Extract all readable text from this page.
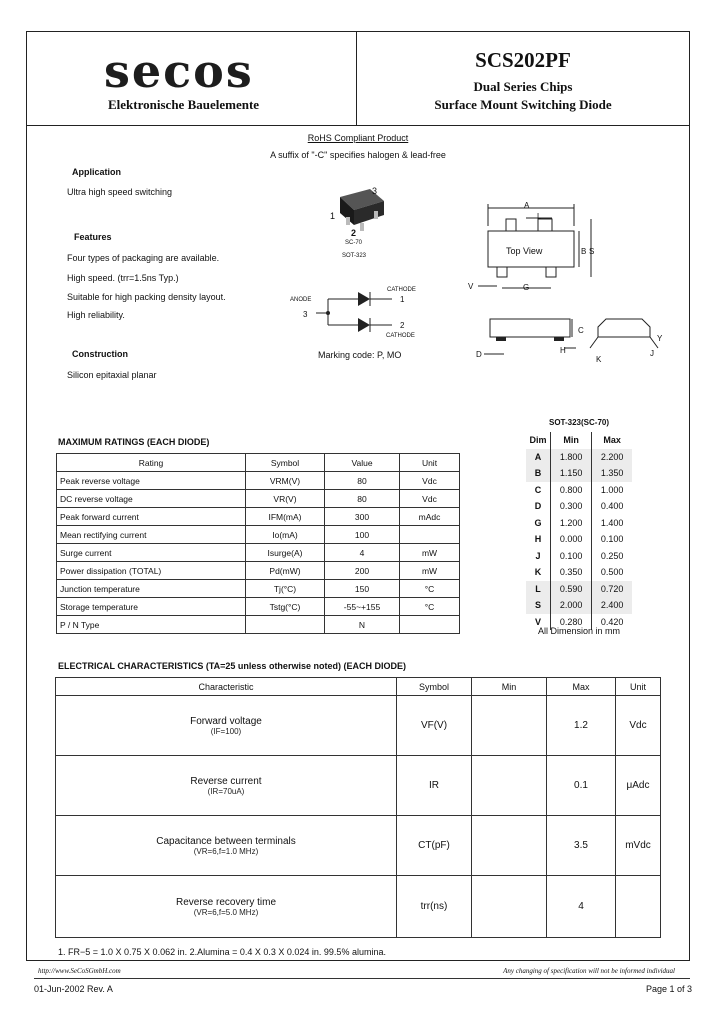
secos
Elektronische Bauelemente
SCS202PF
Dual Series Chips
Surface Mount Switching Diode
RoHS Compliant Product
A suffix of "-C" specifies halogen & lead-free
Application
Ultra high speed switching
Features
Four types of packaging are available.
High speed. (trr=1.5ns Typ.)
Suitable for high packing density layout.
High reliability.
Construction
Silicon epitaxial planar
3
1
2
SC-70
SOT-323
ANODE
CATHODE
CATHODE
3
1
2
Marking code: P, MO
Top View
A
L
B S
V	G
C
D	H
K
J
Y
MAXIMUM RATINGS (EACH DIODE)
Rating	Symbol	Value	Unit
Peak reverse voltage	VRM(V)	80	Vdc
DC reverse voltage	VR(V)	80	Vdc
Peak forward current	IFM(mA)	300	mAdc
Mean rectifying current	Io(mA)	100	
Surge current	Isurge(A)	4	mW
Power dissipation (TOTAL)	Pd(mW)	200	mW
Junction temperature	Tj(°C)	150	°C
Storage temperature	Tstg(°C)	-55~+155	°C
P / N Type		N	
SOT-323(SC-70)
Dim	Min	Max
A	1.800	2.200
B	1.150	1.350
C	0.800	1.000
D	0.300	0.400
G	1.200	1.400
H	0.000	0.100
J	0.100	0.250
K	0.350	0.500
L	0.590	0.720
S	2.000	2.400
V	0.280	0.420
All Dimension in mm
ELECTRICAL CHARACTERISTICS (TA=25 unless otherwise noted) (EACH DIODE)
Characteristic	Symbol	Min	Max	Unit

Forward voltage
(IF=100)	VF(V)		1.2	Vdc

Reverse current
(IR=70uA)	IR		0.1	μAdc

Capacitance between terminals
(VR=6,f=1.0 MHz)	CT(pF)		3.5	mVdc

Reverse recovery time
(VR=6,f=5.0 MHz)	trr(ns)		4	
1. FR−5 = 1.0 X 0.75 X 0.062 in. 2.Alumina = 0.4 X 0.3 X 0.024 in. 99.5% alumina.
http://www.SeCoSGmbH.com	Any changing of specification will not be informed individual
01-Jun-2002 Rev. A	Page 1 of 3
